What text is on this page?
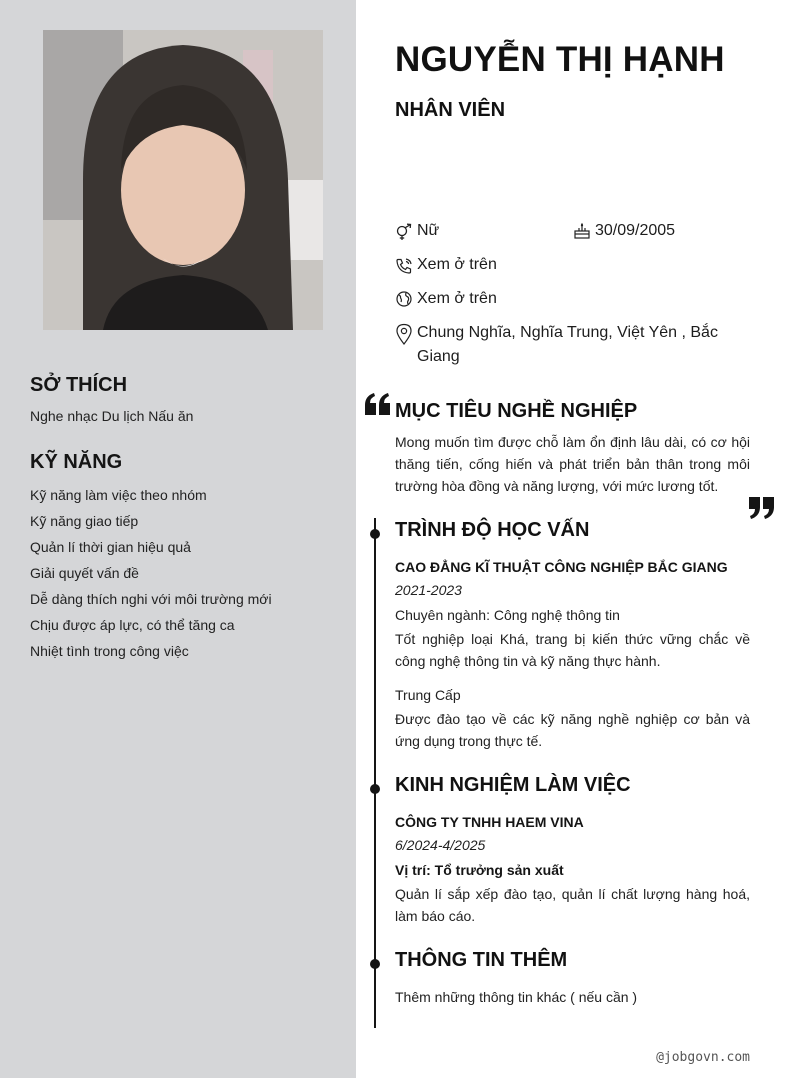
SỞ THÍCH
Nghe nhạc Du lịch Nấu ăn
KỸ NĂNG
Kỹ năng làm việc theo nhóm
Kỹ năng giao tiếp
Quản lí thời gian hiệu quả
Giải quyết vấn đề
Dễ dàng thích nghi với môi trường mới
Chịu được áp lực, có thể tăng ca
Nhiệt tình trong công việc
NGUYỄN THỊ HẠNH
NHÂN VIÊN
Nữ	30/09/2005
Xem ở trên
Xem ở trên
Chung Nghĩa, Nghĩa Trung, Việt Yên , Bắc Giang
MỤC TIÊU NGHỀ NGHIỆP
Mong muốn tìm được chỗ làm ổn định lâu dài, có cơ hội thăng tiến, cống hiến và phát triển bản thân trong môi trường hòa đồng và năng lượng, với mức lương tốt.
TRÌNH ĐỘ HỌC VẤN
CAO ĐẲNG KĨ THUẬT CÔNG NGHIỆP BẮC GIANG
2021-2023
Chuyên ngành: Công nghệ thông tin
Tốt nghiệp loại Khá, trang bị kiến thức vững chắc về công nghệ thông tin và kỹ năng thực hành.
Trung Cấp
Được đào tạo về các kỹ năng nghề nghiệp cơ bản và ứng dụng trong thực tế.
KINH NGHIỆM LÀM VIỆC
CÔNG TY TNHH HAEM VINA
6/2024-4/2025
Vị trí: Tổ trưởng sản xuất
Quản lí sắp xếp đào tạo, quản lí chất lượng hàng hoá, làm báo cáo.
THÔNG TIN THÊM
Thêm những thông tin khác ( nếu cần )
@jobgovn.com
